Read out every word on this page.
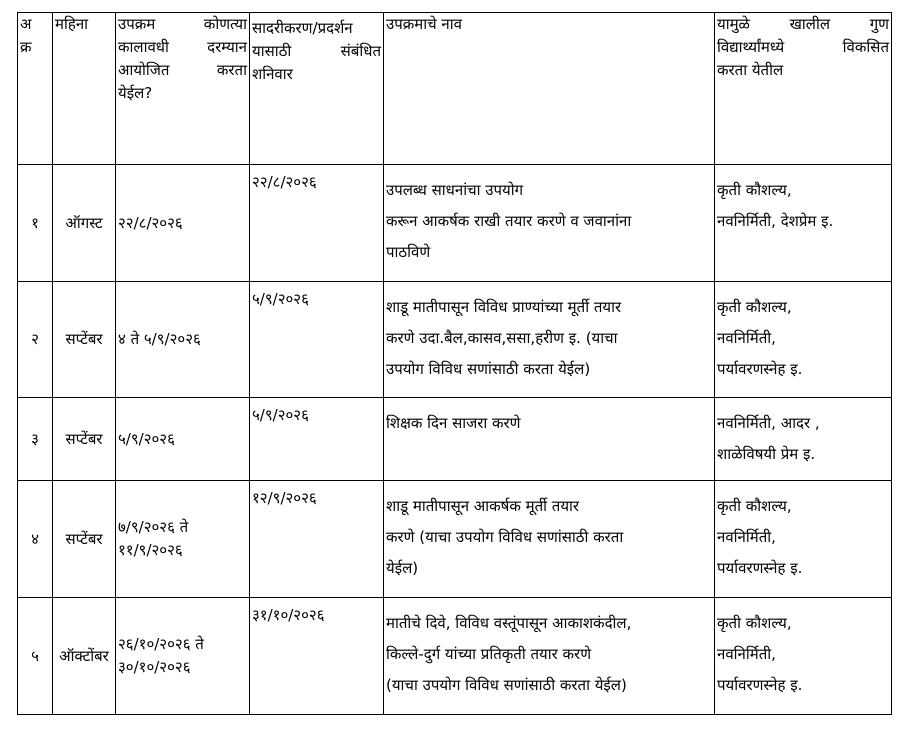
अ
क्र	महिना	उपक्रम कोणत्या
कालावधी दरम्यान
आयोजित करता
येईल?	सादरीकरण/प्रदर्शन
यासाठी संबंधित
शनिवार	उपक्रमाचे नाव	यामुळे खालील गुण
विद्यार्थ्यांमध्ये विकसित
करता येतील

१	ऑगस्ट	२२/८/२०२६	२२/८/२०२६	उपलब्ध साधनांचा उपयोग
करून आकर्षक राखी तयार करणे व जवानांना
पाठविणे	कृती कौशल्य,
नवनिर्मिती, देशप्रेम इ.

२	सप्टेंबर	४ ते ५/९/२०२६	५/९/२०२६	शाडू मातीपासून विविध प्राण्यांच्या मूर्ती तयार
करणे उदा.बैल,कासव,ससा,हरीण इ. (याचा
उपयोग विविध सणांसाठी करता येईल)	कृती कौशल्य,
नवनिर्मिती,
पर्यावरणस्नेह इ.

३	सप्टेंबर	५/९/२०२६	५/९/२०२६	शिक्षक दिन साजरा करणे	नवनिर्मिती, आदर ,
शाळेविषयी प्रेम इ.

४	सप्टेंबर	७/९/२०२६ ते
११/९/२०२६	१२/९/२०२६	शाडू मातीपासून आकर्षक मूर्ती तयार
करणे (याचा उपयोग विविध सणांसाठी करता
येईल)	कृती कौशल्य,
नवनिर्मिती,
पर्यावरणस्नेह इ.

५	ऑक्टोंबर	२६/१०/२०२६ ते
३०/१०/२०२६	३१/१०/२०२६	मातीचे दिवे, विविध वस्तूंपासून आकाशकंदील,
किल्ले-दुर्ग यांच्या प्रतिकृती तयार करणे
(याचा उपयोग विविध सणांसाठी करता येईल)	कृती कौशल्य,
नवनिर्मिती,
पर्यावरणस्नेह इ.
